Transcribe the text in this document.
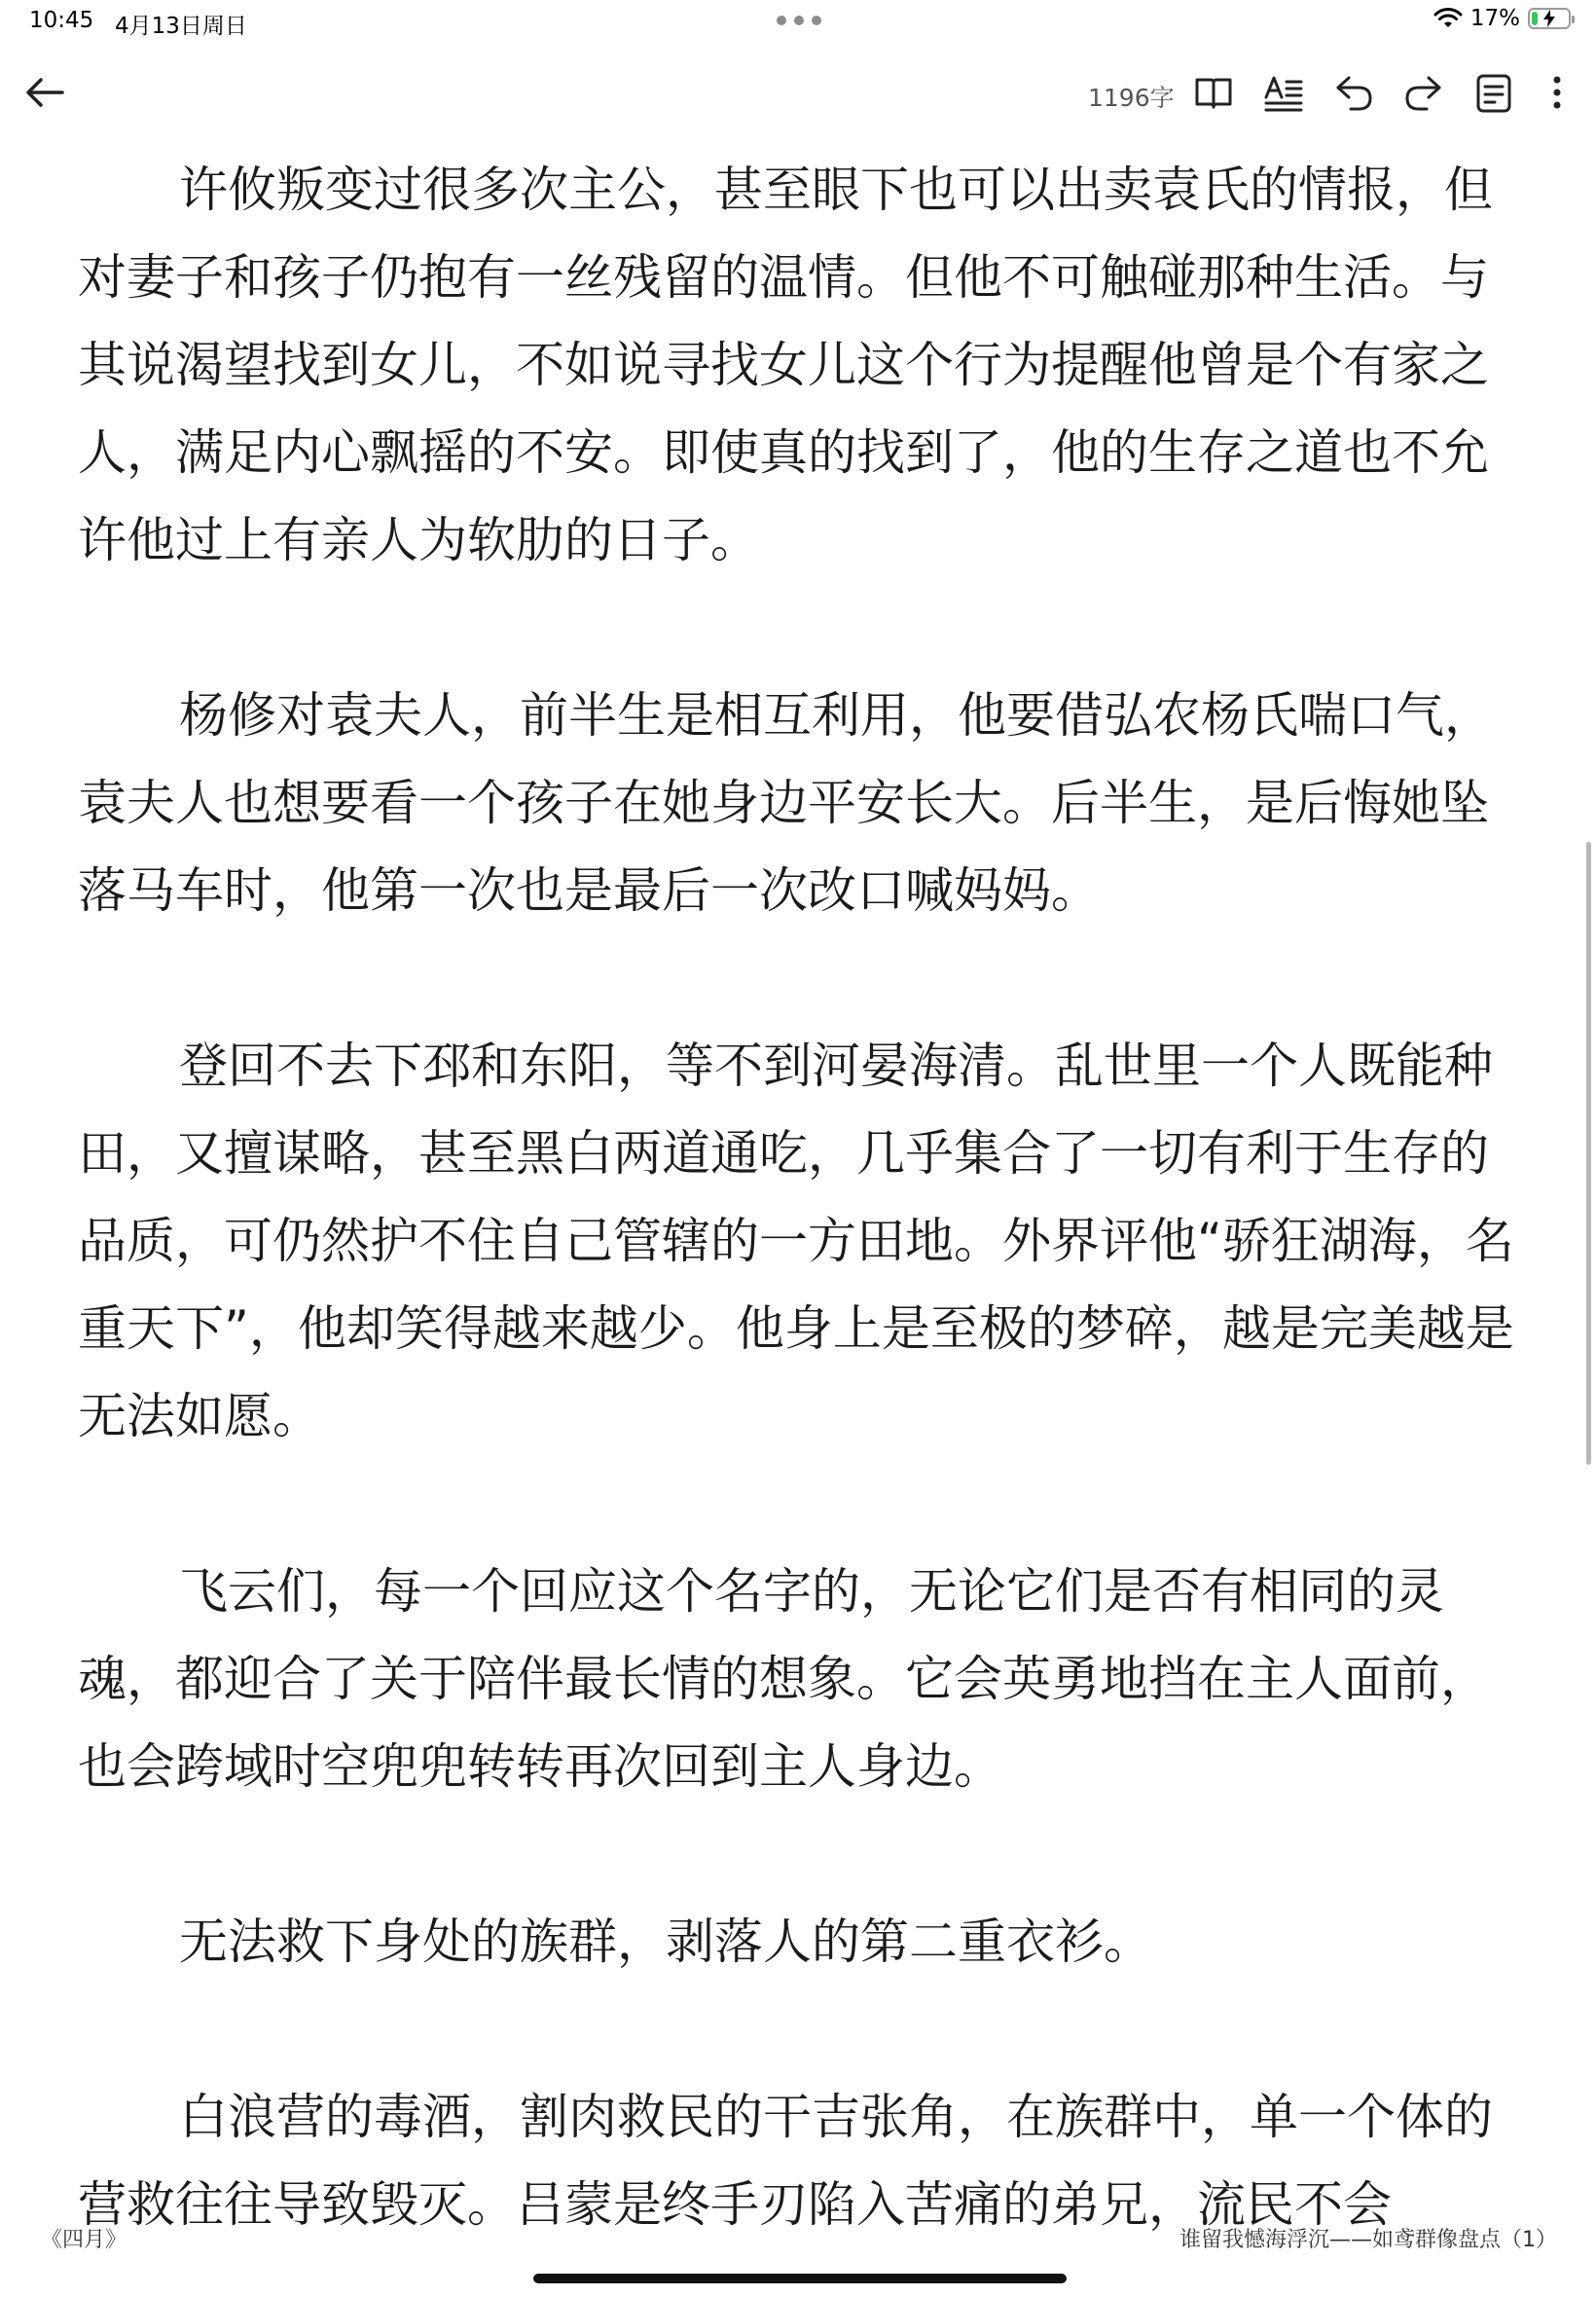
10:45 4月13日周日	17%
1196字

许攸叛变过很多次主公，甚至眼下也可以出卖袁氏的情报，但对妻子和孩子仍抱有一丝残留的温情。但他不可触碰那种生活。与其说渴望找到女儿，不如说寻找女儿这个行为提醒他曾是个有家之人，满足内心飘摇的不安。即使真的找到了，他的生存之道也不允许他过上有亲人为软肋的日子。

杨修对袁夫人，前半生是相互利用，他要借弘农杨氏喘口气，袁夫人也想要看一个孩子在她身边平安长大。后半生，是后悔她坠落马车时，他第一次也是最后一次改口喊妈妈。

登回不去下邳和东阳，等不到河晏海清。乱世里一个人既能种田，又擅谋略，甚至黑白两道通吃，几乎集合了一切有利于生存的品质，可仍然护不住自己管辖的一方田地。外界评他“骄狂湖海，名重天下”，他却笑得越来越少。他身上是至极的梦碎，越是完美越是无法如愿。

飞云们，每一个回应这个名字的，无论它们是否有相同的灵魂，都迎合了关于陪伴最长情的想象。它会英勇地挡在主人面前，也会跨域时空兜兜转转再次回到主人身边。

无法救下身处的族群，剥落人的第二重衣衫。

白浪营的毒酒，割肉救民的干吉张角，在族群中，单一个体的营救往往导致毁灭。吕蒙是终手刃陷入苦痛的弟兄，流民不会

《四月》	谁留我憾海浮沉——如鸢群像盘点（1）
